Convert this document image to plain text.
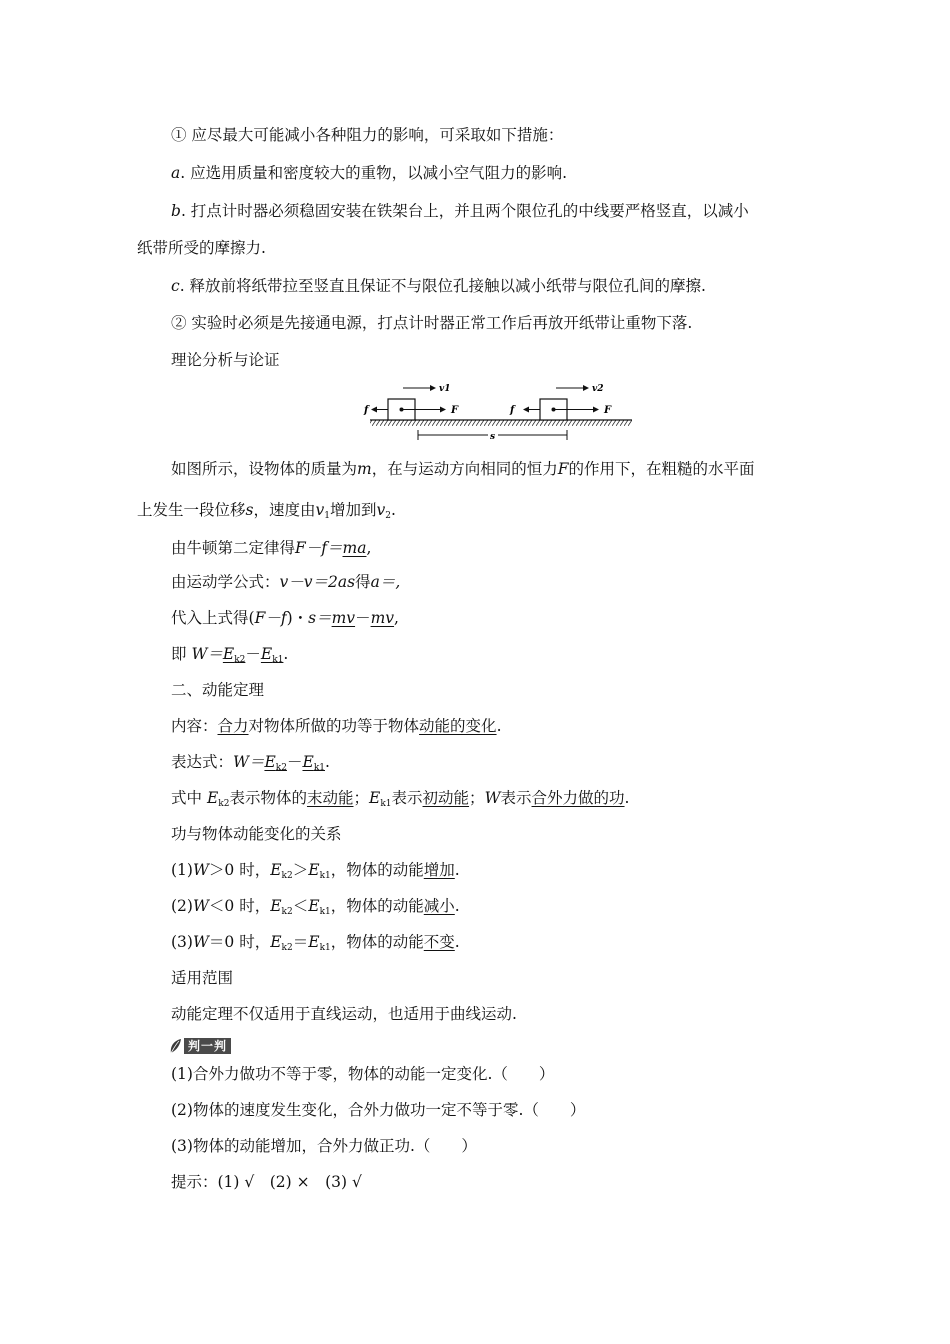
① 应尽最大可能减小各种阻力的影响，可采取如下措施：
a. 应选用质量和密度较大的重物，以减小空气阻力的影响.
b. 打点计时器必须稳固安装在铁架台上，并且两个限位孔的中线要严格竖直，以减小
纸带所受的摩擦力.
c. 释放前将纸带拉至竖直且保证不与限位孔接触以减小纸带与限位孔间的摩擦.
② 实验时必须是先接通电源，打点计时器正常工作后再放开纸带让重物下落.
理论分析与论证
f	F
v1
f	F
v2
s
如图所示，设物体的质量为m，在与运动方向相同的恒力F的作用下，在粗糙的水平面
上发生一段位移s，速度由$v_1$增加到$v_2$.
由牛顿第二定律得F－f＝ma,
由运动学公式：v－v＝2as得a＝,
代入上式得(F－f)・s＝mv－mv,
即 $W=E_{k2}-E_{k1}$.
二、动能定理
内容：合力对物体所做的功等于物体动能的变化.
表达式：$W=E_{k2}-E_{k1}$.
式中 $E_{k2}$表示物体的末动能；$E_{k1}$表示初动能；W表示合外力做的功.
功与物体动能变化的关系
(1)W＞0 时，$E_{k2}>E_{k1}$，物体的动能增加.
(2)W＜0 时，$E_{k2}<E_{k1}$，物体的动能减小.
(3)W＝0 时，$E_{k2}=E_{k1}$，物体的动能不变.
适用范围
动能定理不仅适用于直线运动，也适用于曲线运动.
判一判
(1)合外力做功不等于零，物体的动能一定变化.（　　）
(2)物体的速度发生变化，合外力做功一定不等于零.（　　）
(3)物体的动能增加，合外力做正功.（　　）
提示：(1) √　(2) ×　(3) √
